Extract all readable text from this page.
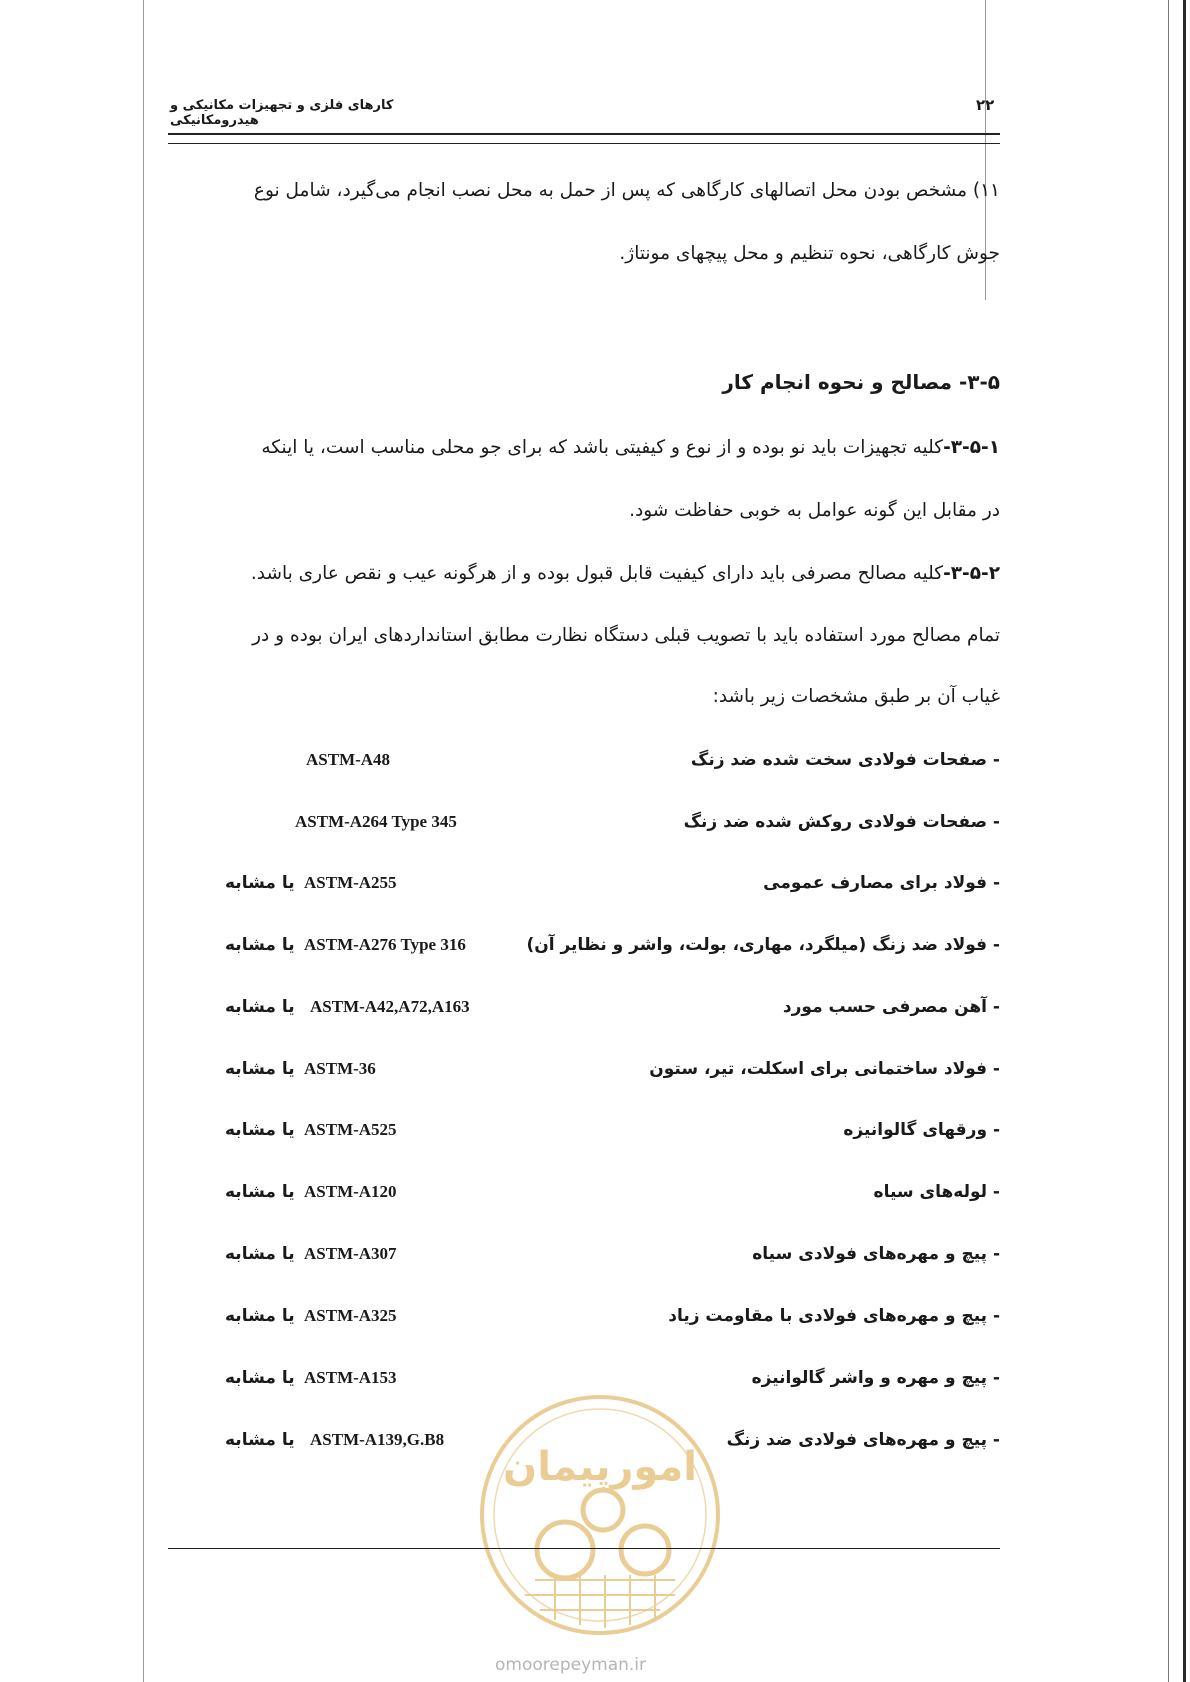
۲۲
کارهای فلزی و تجهیزات مکانیکی و هیدرومکانیکی
۱۱) مشخص بودن محل اتصالهای کارگاهی که پس از حمل به محل نصب انجام می‌گیرد، شامل نوع
جوش کارگاهی، نحوه تنظیم و محل پیچهای مونتاژ.
۳-۵- مصالح و نحوه انجام کار
۳-۵-۱-کلیه تجهیزات باید نو بوده و از نوع و کیفیتی باشد که برای جو محلی مناسب است، یا اینکه
در مقابل این گونه عوامل به خوبی حفاظت شود.
۳-۵-۲-کلیه مصالح مصرفی باید دارای کیفیت قابل قبول بوده و از هرگونه عیب و نقص عاری باشد.
تمام مصالح مورد استفاده باید با تصویب قبلی دستگاه نظارت مطابق استانداردهای ایران بوده و در
غیاب آن بر طبق مشخصات زیر باشد:
- صفحات فولادی سخت شده ضد زنگ
ASTM-A48
- صفحات فولادی روکش شده ضد زنگ
ASTM-A264 Type 345
- فولاد برای مصارف عمومی
ASTM-A255
یا مشابه
- فولاد ضد زنگ (میلگرد، مهاری، بولت، واشر و نظایر آن)
ASTM-A276 Type 316
یا مشابه
- آهن مصرفی حسب مورد
ASTM-A42,A72,A163
یا مشابه
- فولاد ساختمانی برای اسکلت، تیر، ستون
ASTM-36
یا مشابه
- ورقهای گالوانیزه
ASTM-A525
یا مشابه
- لوله‌های سیاه
ASTM-A120
یا مشابه
- پیچ و مهره‌های فولادی سیاه
ASTM-A307
یا مشابه
- پیچ و مهره‌های فولادی با مقاومت زیاد
ASTM-A325
یا مشابه
- پیچ و مهره و واشر گالوانیزه
ASTM-A153
یا مشابه
- پیچ و مهره‌های فولادی ضد زنگ
ASTM-A139,G.B8
یا مشابه
امورپیمان
omoorepeyman.ir
